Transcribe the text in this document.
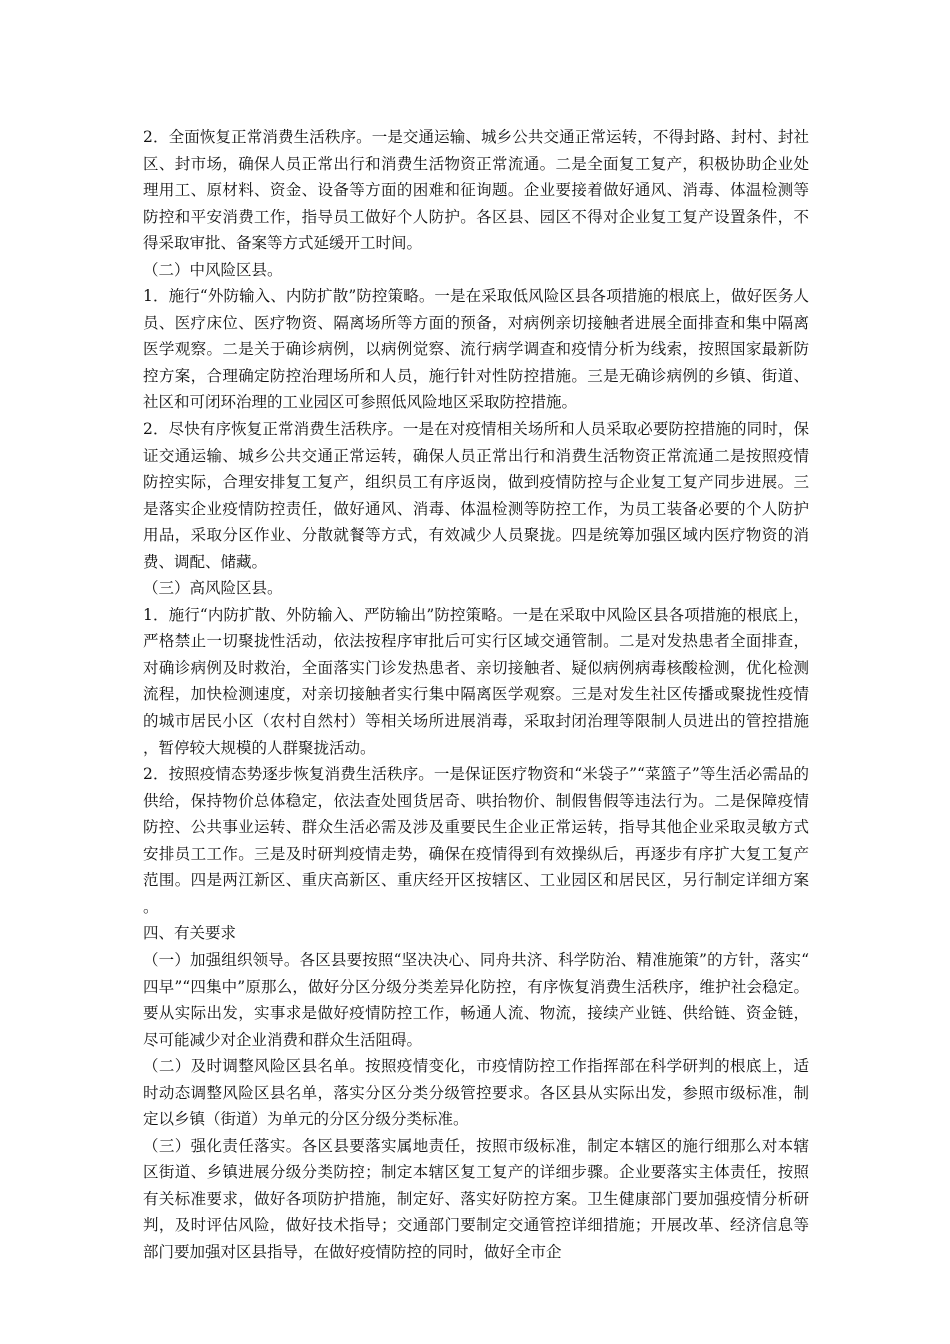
2．全面恢复正常消费生活秩序。一是交通运输、城乡公共交通正常运转，不得封路、封村、封社区、封市场，确保人员正常出行和消费生活物资正常流通。二是全面复工复产，积极协助企业处理用工、原材料、资金、设备等方面的困难和征询题。企业要接着做好通风、消毒、体温检测等防控和平安消费工作，指导员工做好个人防护。各区县、园区不得对企业复工复产设置条件，不得采取审批、备案等方式延缓开工时间。

（二）中风险区县。

1．施行“外防输入、内防扩散”防控策略。一是在采取低风险区县各项措施的根底上，做好医务人员、医疗床位、医疗物资、隔离场所等方面的预备，对病例亲切接触者进展全面排查和集中隔离医学观察。二是关于确诊病例，以病例觉察、流行病学调查和疫情分析为线索，按照国家最新防控方案，合理确定防控治理场所和人员，施行针对性防控措施。三是无确诊病例的乡镇、街道、社区和可闭环治理的工业园区可参照低风险地区采取防控措施。

2．尽快有序恢复正常消费生活秩序。一是在对疫情相关场所和人员采取必要防控措施的同时，保证交通运输、城乡公共交通正常运转，确保人员正常出行和消费生活物资正常流通二是按照疫情防控实际，合理安排复工复产，组织员工有序返岗，做到疫情防控与企业复工复产同步进展。三是落实企业疫情防控责任，做好通风、消毒、体温检测等防控工作，为员工装备必要的个人防护用品，采取分区作业、分散就餐等方式，有效减少人员聚拢。四是统筹加强区域内医疗物资的消费、调配、储藏。

（三）高风险区县。

1．施行“内防扩散、外防输入、严防输出”防控策略。一是在采取中风险区县各项措施的根底上，严格禁止一切聚拢性活动，依法按程序审批后可实行区域交通管制。二是对发热患者全面排查，对确诊病例及时救治，全面落实门诊发热患者、亲切接触者、疑似病例病毒核酸检测，优化检测流程，加快检测速度，对亲切接触者实行集中隔离医学观察。三是对发生社区传播或聚拢性疫情的城市居民小区（农村自然村）等相关场所进展消毒，采取封闭治理等限制人员进出的管控措施，暂停较大规模的人群聚拢活动。

2．按照疫情态势逐步恢复消费生活秩序。一是保证医疗物资和“米袋子”“菜篮子”等生活必需品的供给，保持物价总体稳定，依法查处囤货居奇、哄抬物价、制假售假等违法行为。二是保障疫情防控、公共事业运转、群众生活必需及涉及重要民生企业正常运转，指导其他企业采取灵敏方式安排员工工作。三是及时研判疫情走势，确保在疫情得到有效操纵后，再逐步有序扩大复工复产范围。四是两江新区、重庆高新区、重庆经开区按辖区、工业园区和居民区，另行制定详细方案。

四、有关要求

（一）加强组织领导。各区县要按照“坚决决心、同舟共济、科学防治、精准施策”的方针，落实“四早”“四集中”原那么，做好分区分级分类差异化防控，有序恢复消费生活秩序，维护社会稳定。要从实际出发，实事求是做好疫情防控工作，畅通人流、物流，接续产业链、供给链、资金链，尽可能减少对企业消费和群众生活阻碍。

（二）及时调整风险区县名单。按照疫情变化，市疫情防控工作指挥部在科学研判的根底上，适时动态调整风险区县名单，落实分区分类分级管控要求。各区县从实际出发，参照市级标准，制定以乡镇（街道）为单元的分区分级分类标准。

（三）强化责任落实。各区县要落实属地责任，按照市级标准，制定本辖区的施行细那么对本辖区街道、乡镇进展分级分类防控；制定本辖区复工复产的详细步骤。企业要落实主体责任，按照有关标准要求，做好各项防护措施，制定好、落实好防控方案。卫生健康部门要加强疫情分析研判，及时评估风险，做好技术指导；交通部门要制定交通管控详细措施；开展改革、经济信息等部门要加强对区县指导，在做好疫情防控的同时，做好全市企
